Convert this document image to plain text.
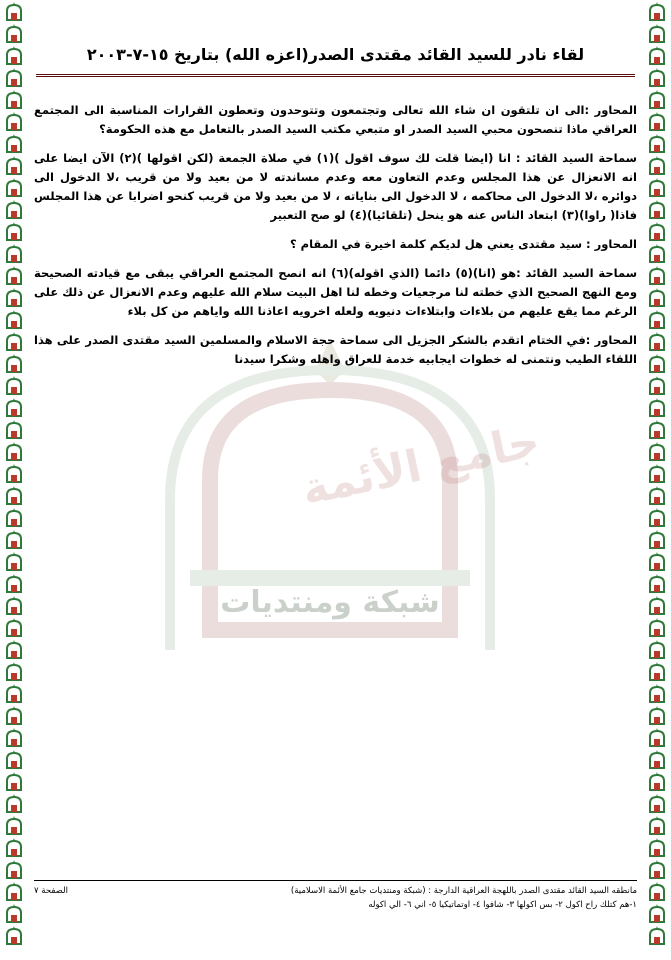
جامع الأئمة
شبكة ومنتديات
لقاء نادر للسيد القائد مقتدى الصدر(اعزه الله) بتاريخ ١٥-٧-٢٠٠٣

المحاور :الى ان تلتقون ان شاء الله تعالى وتجتمعون وتتوحدون وتعطون القرارات المناسبة الى المجتمع العراقي ماذا تنصحون محبي السيد الصدر او متبعي مكتب السيد الصدر بالتعامل مع هذه الحكومة؟

سماحة السيد القائد : انا (ايضا قلت لك سوف اقول )(١) في صلاة الجمعة (لكن اقولها )(٢) الآن ايضا على انه الانعزال عن هذا المجلس وعدم التعاون معه وعدم مساندته لا من بعيد ولا من قريب ،لا الدخول الى دوائره ،لا الدخول الى محاكمه ، لا الدخول الى بناياته ، لا من بعيد ولا من قريب كنحو اضرابا عن هذا المجلس فاذا( راوا)(٣) ابتعاد الناس عنه هو ينحل (تلقائيا)(٤) لو صح التعبير

المحاور : سيد مقتدى يعني هل لديكم كلمة اخيرة في المقام ؟

سماحة السيد القائد :هو (انا)(٥) دائما (الذي اقوله)(٦) انه انصح المجتمع العراقي يبقى مع قيادته الصحيحة ومع النهج الصحيح الذي خطته لنا مرجعيات وخطه لنا اهل البيت سلام الله عليهم وعدم الانعزال عن ذلك على الرغم مما يقع عليهم من بلاءات وابتلاءات دنيويه ولعله اخرويه اعاذنا الله واياهم من كل بلاء

المحاور :في الختام اتقدم بالشكر الجزيل الى سماحة حجة الاسلام والمسلمين السيد مقتدى الصدر على هذا اللقاء الطيب ونتمنى له خطوات ايجابيه خدمة للعراق واهله وشكرا سيدنا

مانطقه السيد القائد مقتدى الصدر باللهجة العراقية الدارجة : (شبكة ومنتديات جامع الأئمة الاسلامية)
الصفحة ٧
١-هم كتلك راح اكول ٢- بس اكولها ٣- شافوا ٤- اوتماتيكيا ٥- اني ٦- الي اكوله
